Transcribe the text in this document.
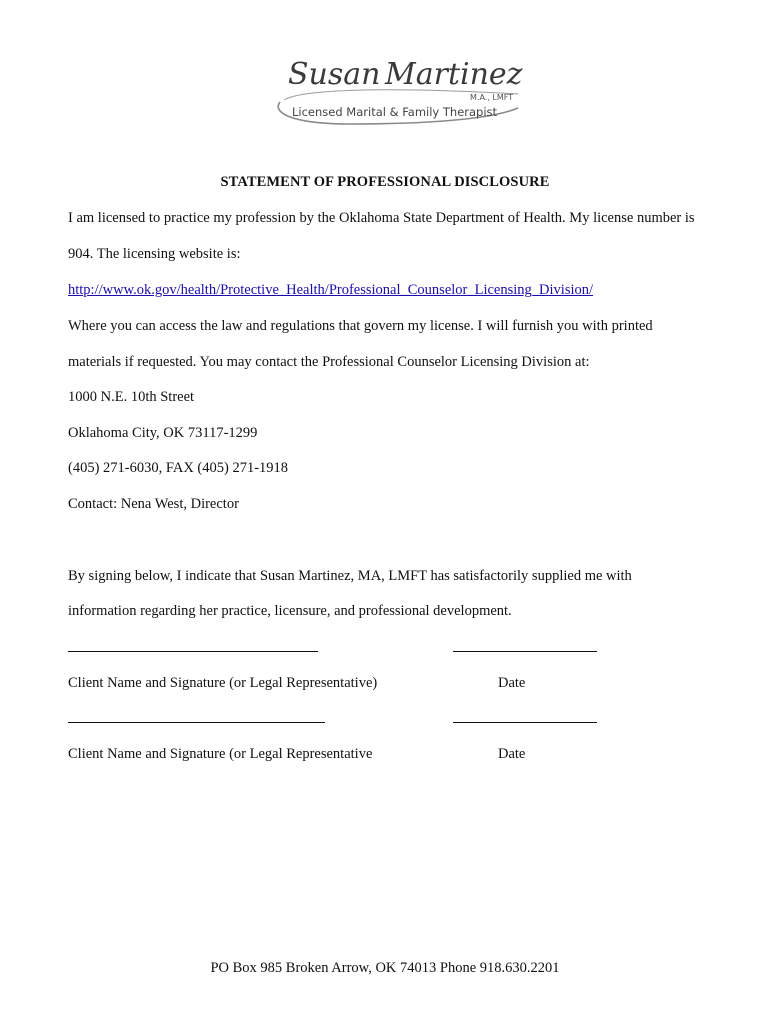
Susan Martinez
M.A., LMFT
Licensed Marital & Family Therapist
STATEMENT OF PROFESSIONAL DISCLOSURE
I am licensed to practice my profession by the Oklahoma State Department of Health. My license number is
904. The licensing website is:
http://www.ok.gov/health/Protective_Health/Professional_Counselor_Licensing_Division/
Where you can access the law and regulations that govern my license. I will furnish you with printed
materials if requested. You may contact the Professional Counselor Licensing Division at:
1000 N.E. 10th Street
Oklahoma City, OK 73117-1299
(405) 271-6030, FAX (405) 271-1918
Contact: Nena West, Director
By signing below, I indicate that Susan Martinez, MA, LMFT has satisfactorily supplied me with
information regarding her practice, licensure, and professional development.
Client Name and Signature (or Legal Representative)	Date
Client Name and Signature (or Legal Representative	Date
PO Box 985 Broken Arrow, OK 74013 Phone 918.630.2201
